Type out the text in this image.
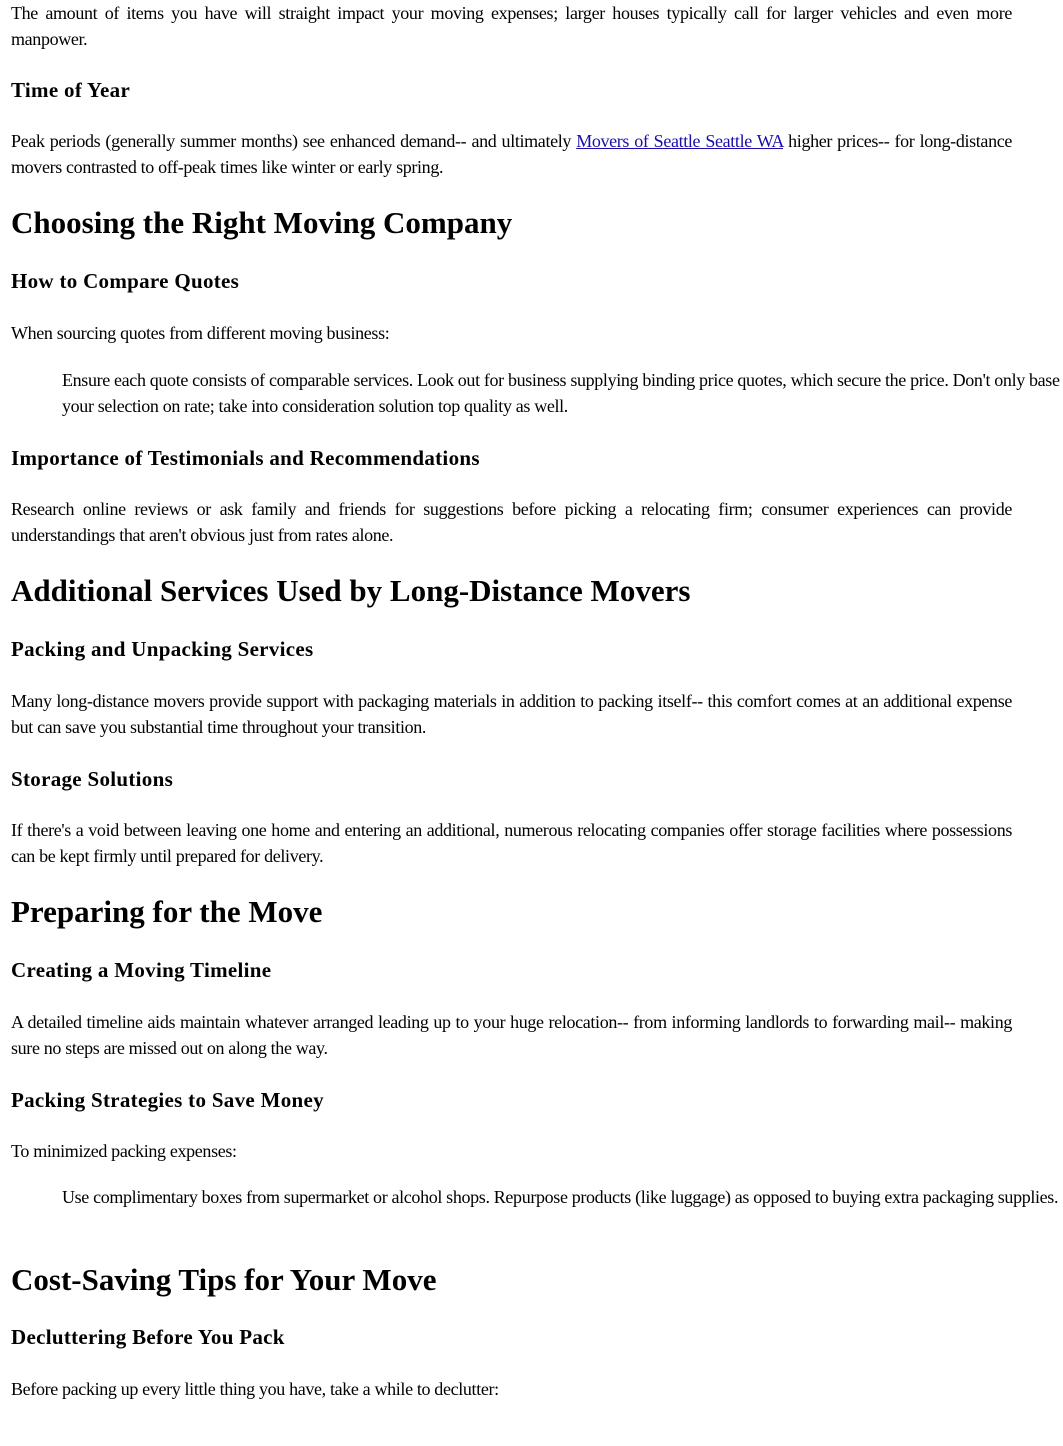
The amount of items you have will straight impact your moving expenses; larger houses typically call for larger vehicles and even more manpower.

Time of Year

Peak periods (generally summer months) see enhanced demand-- and ultimately Movers of Seattle Seattle WA higher prices-- for long-distance movers contrasted to off-peak times like winter or early spring.

Choosing the Right Moving Company
How to Compare Quotes

When sourcing quotes from different moving business:

Ensure each quote consists of comparable services. Look out for business supplying binding price quotes, which secure the price. Don't only base your selection on rate; take into consideration solution top quality as well.
Importance of Testimonials and Recommendations

Research online reviews or ask family and friends for suggestions before picking a relocating firm; consumer experiences can provide understandings that aren't obvious just from rates alone.

Additional Services Used by Long-Distance Movers
Packing and Unpacking Services

Many long-distance movers provide support with packaging materials in addition to packing itself-- this comfort comes at an additional expense but can save you substantial time throughout your transition.

Storage Solutions

If there's a void between leaving one home and entering an additional, numerous relocating companies offer storage facilities where possessions can be kept firmly until prepared for delivery.

Preparing for the Move
Creating a Moving Timeline

A detailed timeline aids maintain whatever arranged leading up to your huge relocation-- from informing landlords to forwarding mail-- making sure no steps are missed out on along the way.

Packing Strategies to Save Money

To minimized packing expenses:

Use complimentary boxes from supermarket or alcohol shops. Repurpose products (like luggage) as opposed to buying extra packaging supplies.
Cost-Saving Tips for Your Move
Decluttering Before You Pack

Before packing up every little thing you have, take a while to declutter:
